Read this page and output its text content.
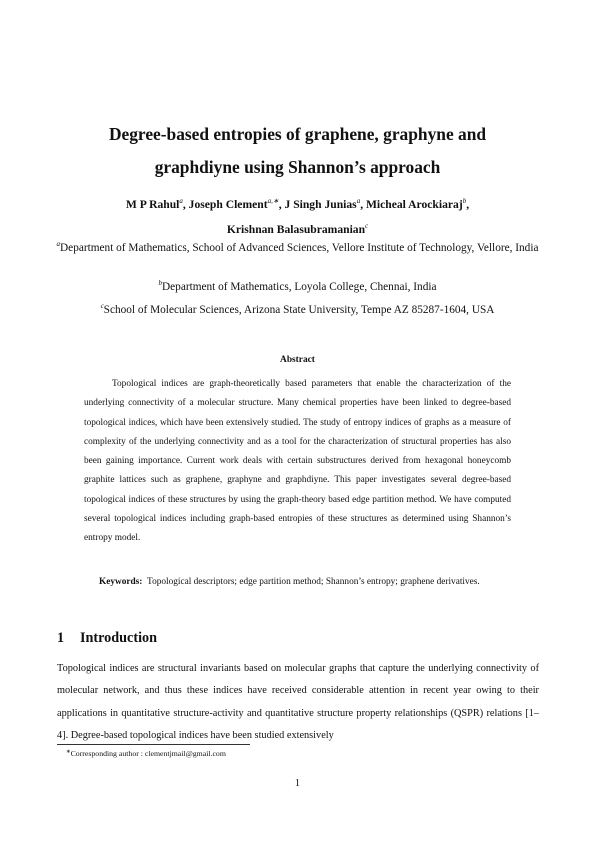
Degree-based entropies of graphene, graphyne and
graphdiyne using Shannon’s approach
M P Rahul$^a$, Joseph Clement$^{a,∗}$, J Singh Junias$^a$, Micheal Arockiaraj$^b$,
Krishnan Balasubramanian$^c$
$^a$Department of Mathematics, School of Advanced Sciences, Vellore Institute of Technology, Vellore, India
$^b$Department of Mathematics, Loyola College, Chennai, India
$^c$School of Molecular Sciences, Arizona State University, Tempe AZ 85287-1604, USA
Abstract
Topological indices are graph-theoretically based parameters that enable the characterization of the underlying connectivity of a molecular structure. Many chemical properties have been linked to degree-based topological indices, which have been extensively studied. The study of entropy indices of graphs as a measure of complexity of the underlying connectivity and as a tool for the characterization of structural properties has also been gaining importance. Current work deals with certain substructures derived from hexagonal honeycomb graphite lattices such as graphene, graphyne and graphdiyne. This paper investigates several degree-based topological indices of these structures by using the graph-theory based edge partition method. We have computed several topological indices including graph-based entropies of these structures as determined using Shannon’s entropy model.
Keywords: Topological descriptors; edge partition method; Shannon’s entropy; graphene derivatives.
1 Introduction
Topological indices are structural invariants based on molecular graphs that capture the underlying connectivity of molecular network, and thus these indices have received considerable attention in recent year owing to their applications in quantitative structure-activity and quantitative structure property relationships (QSPR) relations [1–4]. Degree-based topological indices have been studied extensively
∗Corresponding author : clementjmail@gmail.com
1
